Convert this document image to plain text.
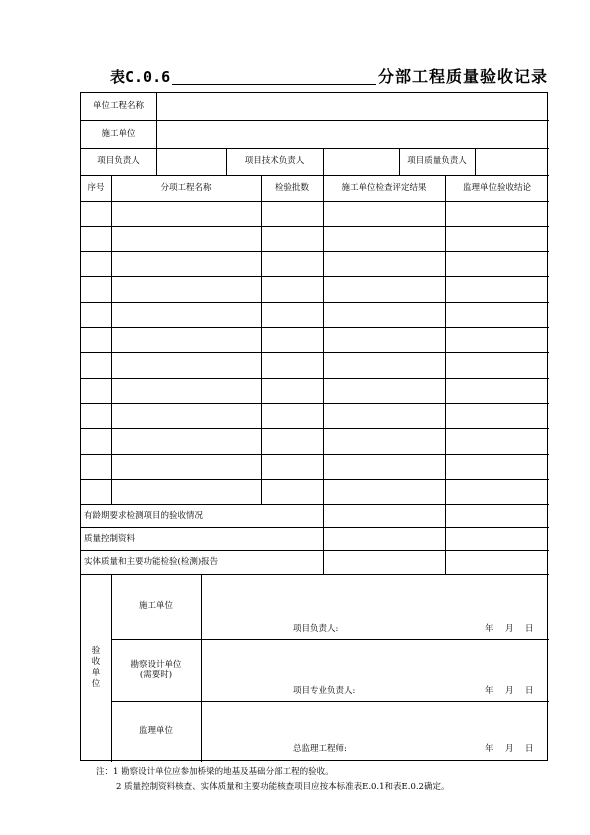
表C.0.6	分部工程质量验收记录
单位工程名称
施工单位
项目负责人	项目技术负责人	项目质量负责人
序号	分项工程名称	检验批数	施工单位检查评定结果	监理单位验收结论
有龄期要求检测项目的验收情况
质量控制资料
实体质量和主要功能检验(检测)报告
验收单位
施工单位
项目负责人:	年 月 日
勘察设计单位
(需要时)
项目专业负责人:	年 月 日
监理单位
总监理工程师:	年 月 日
注：1 勘察设计单位应参加桥梁的地基及基础分部工程的验收。
2 质量控制资料核查、实体质量和主要功能核查项目应按本标准表E.0.1和表E.0.2确定。
